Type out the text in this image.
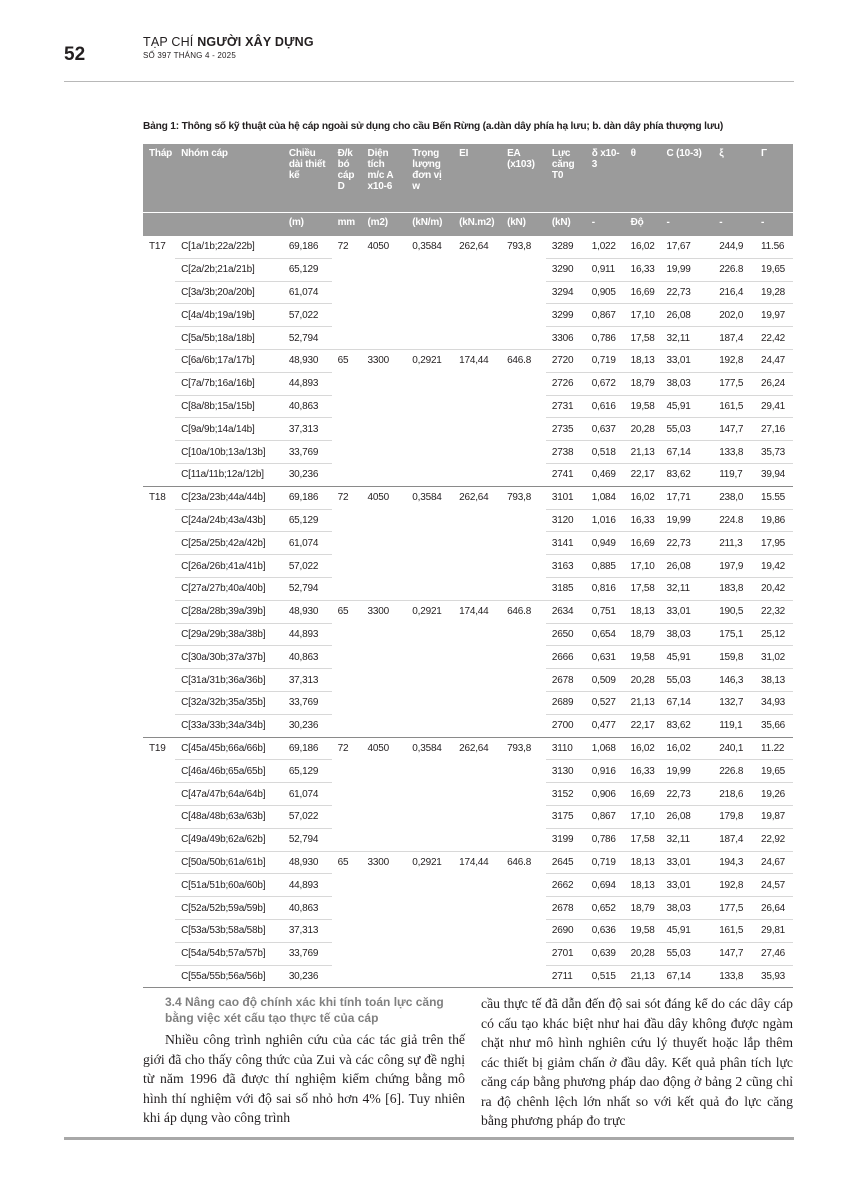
52
TẠP CHÍ NGƯỜI XÂY DỰNG
SỐ 397 THÁNG 4 - 2025
Bảng 1: Thông số kỹ thuật của hệ cáp ngoài sử dụng cho cầu Bến Rừng (a.dàn dây phía hạ lưu; b. dàn dây phía thượng lưu)
Tháp	Nhóm cáp	Chiều dài thiết kế	Đ/k bó cáp D	Diện tích m/c A x10-6	Trọng lượng đơn vị w	EI	EA (x103)	Lực căng T0	δ x10-3	θ	C (10-3)	ξ	Γ
		(m)	mm	(m2)	(kN/m)	(kN.m2)	(kN)	(kN)	-	Độ	-	-	-
T17	C[1a/1b;22a/22b]	69,186	72	4050	0,3584	262,64	793,8	3289	1,022	16,02	17,67	244,9	11.56
	C[2a/2b;21a/21b]	65,129						3290	0,911	16,33	19,99	226.8	19,65
	C[3a/3b;20a/20b]	61,074						3294	0,905	16,69	22,73	216,4	19,28
	C[4a/4b;19a/19b]	57,022						3299	0,867	17,10	26,08	202,0	19,97
	C[5a/5b;18a/18b]	52,794						3306	0,786	17,58	32,11	187,4	22,42
	C[6a/6b;17a/17b]	48,930	65	3300	0,2921	174,44	646.8	2720	0,719	18,13	33,01	192,8	24,47
	C[7a/7b;16a/16b]	44,893						2726	0,672	18,79	38,03	177,5	26,24
	C[8a/8b;15a/15b]	40,863						2731	0,616	19,58	45,91	161,5	29,41
	C[9a/9b;14a/14b]	37,313						2735	0,637	20,28	55,03	147,7	27,16
	C[10a/10b;13a/13b]	33,769						2738	0,518	21,13	67,14	133,8	35,73
	C[11a/11b;12a/12b]	30,236						2741	0,469	22,17	83,62	119,7	39,94
T18	C[23a/23b;44a/44b]	69,186	72	4050	0,3584	262,64	793,8	3101	1,084	16,02	17,71	238,0	15.55
	C[24a/24b;43a/43b]	65,129						3120	1,016	16,33	19,99	224.8	19,86
	C[25a/25b;42a/42b]	61,074						3141	0,949	16,69	22,73	211,3	17,95
	C[26a/26b;41a/41b]	57,022						3163	0,885	17,10	26,08	197,9	19,42
	C[27a/27b;40a/40b]	52,794						3185	0,816	17,58	32,11	183,8	20,42
	C[28a/28b;39a/39b]	48,930	65	3300	0,2921	174,44	646.8	2634	0,751	18,13	33,01	190,5	22,32
	C[29a/29b;38a/38b]	44,893						2650	0,654	18,79	38,03	175,1	25,12
	C[30a/30b;37a/37b]	40,863						2666	0,631	19,58	45,91	159,8	31,02
	C[31a/31b;36a/36b]	37,313						2678	0,509	20,28	55,03	146,3	38,13
	C[32a/32b;35a/35b]	33,769						2689	0,527	21,13	67,14	132,7	34,93
	C[33a/33b;34a/34b]	30,236						2700	0,477	22,17	83,62	119,1	35,66
T19	C[45a/45b;66a/66b]	69,186	72	4050	0,3584	262,64	793,8	3110	1,068	16,02	16,02	240,1	11.22
	C[46a/46b;65a/65b]	65,129						3130	0,916	16,33	19,99	226.8	19,65
	C[47a/47b;64a/64b]	61,074						3152	0,906	16,69	22,73	218,6	19,26
	C[48a/48b;63a/63b]	57,022						3175	0,867	17,10	26,08	179,8	19,87
	C[49a/49b;62a/62b]	52,794						3199	0,786	17,58	32,11	187,4	22,92
	C[50a/50b;61a/61b]	48,930	65	3300	0,2921	174,44	646.8	2645	0,719	18,13	33,01	194,3	24,67
	C[51a/51b;60a/60b]	44,893						2662	0,694	18,13	33,01	192,8	24,57
	C[52a/52b;59a/59b]	40,863						2678	0,652	18,79	38,03	177,5	26,64
	C[53a/53b;58a/58b]	37,313						2690	0,636	19,58	45,91	161,5	29,81
	C[54a/54b;57a/57b]	33,769						2701	0,639	20,28	55,03	147,7	27,46
	C[55a/55b;56a/56b]	30,236						2711	0,515	21,13	67,14	133,8	35,93
3.4 Nâng cao độ chính xác khi tính toán lực căng bằng việc xét cấu tạo thực tế của cáp

Nhiều công trình nghiên cứu của các tác giả trên thế giới đã cho thấy công thức của Zui và các công sự đề nghị từ năm 1996 đã được thí nghiệm kiểm chứng bằng mô hình thí nghiệm với độ sai số nhỏ hơn 4% [6]. Tuy nhiên khi áp dụng vào công trình

cầu thực tế đã dẫn đến độ sai sót đáng kể do các dây cáp có cấu tạo khác biệt như hai đầu dây không được ngàm chặt như mô hình nghiên cứu lý thuyết hoặc lắp thêm các thiết bị giảm chấn ở đầu dây. Kết quả phân tích lực căng cáp bằng phương pháp dao động ở bảng 2 cũng chỉ ra độ chênh lệch lớn nhất so với kết quả đo lực căng bằng phương pháp đo trực
